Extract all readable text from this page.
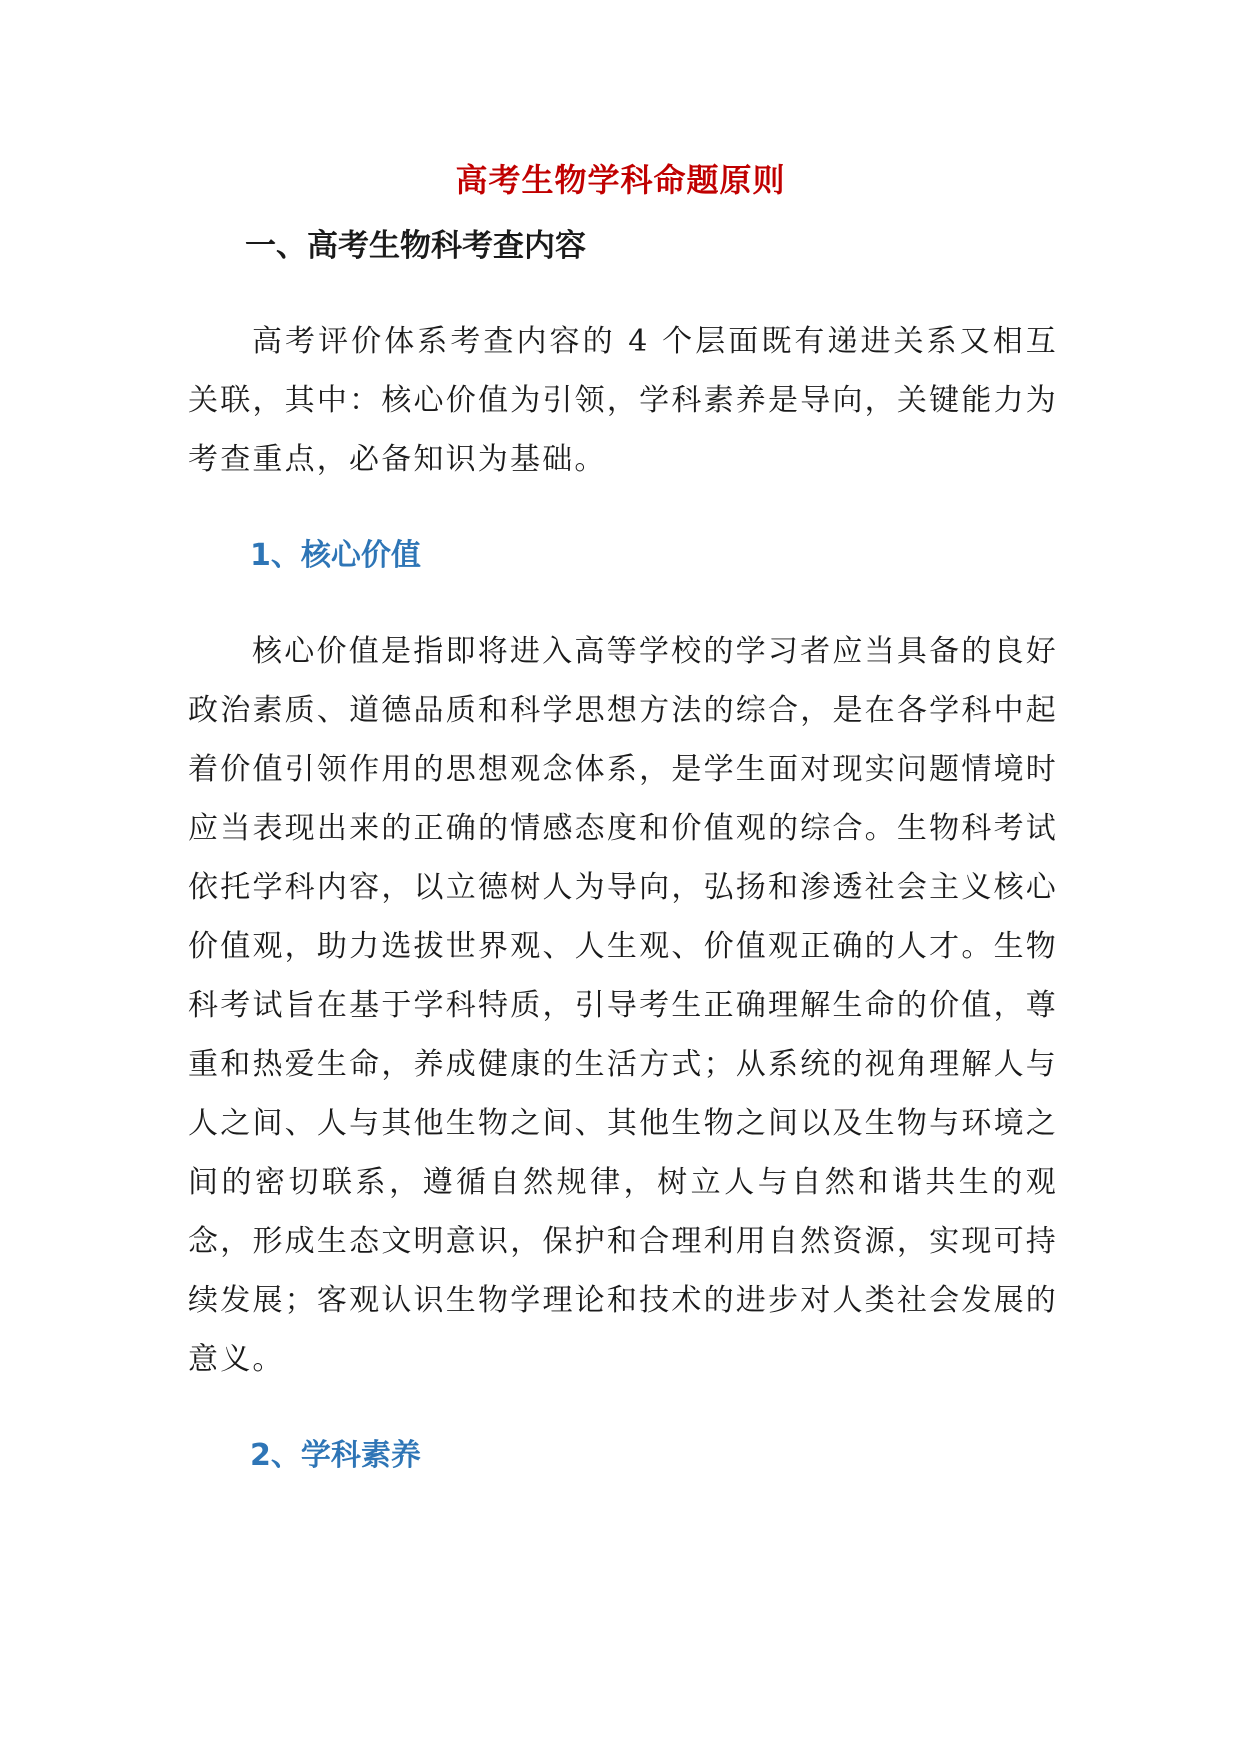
高考生物学科命题原则
一、高考生物科考查内容

高考评价体系考查内容的 4 个层面既有递进关系又相互关联，其中：核心价值为引领，学科素养是导向，关键能力为考查重点，必备知识为基础。

1、核心价值

核心价值是指即将进入高等学校的学习者应当具备的良好政治素质、道德品质和科学思想方法的综合，是在各学科中起着价值引领作用的思想观念体系，是学生面对现实问题情境时应当表现出来的正确的情感态度和价值观的综合。生物科考试依托学科内容，以立德树人为导向，弘扬和渗透社会主义核心价值观，助力选拔世界观、人生观、价值观正确的人才。生物科考试旨在基于学科特质，引导考生正确理解生命的价值，尊重和热爱生命，养成健康的生活方式；从系统的视角理解人与人之间、人与其他生物之间、其他生物之间以及生物与环境之间的密切联系，遵循自然规律，树立人与自然和谐共生的观念，形成生态文明意识，保护和合理利用自然资源，实现可持续发展；客观认识生物学理论和技术的进步对人类社会发展的意义。

2、学科素养
